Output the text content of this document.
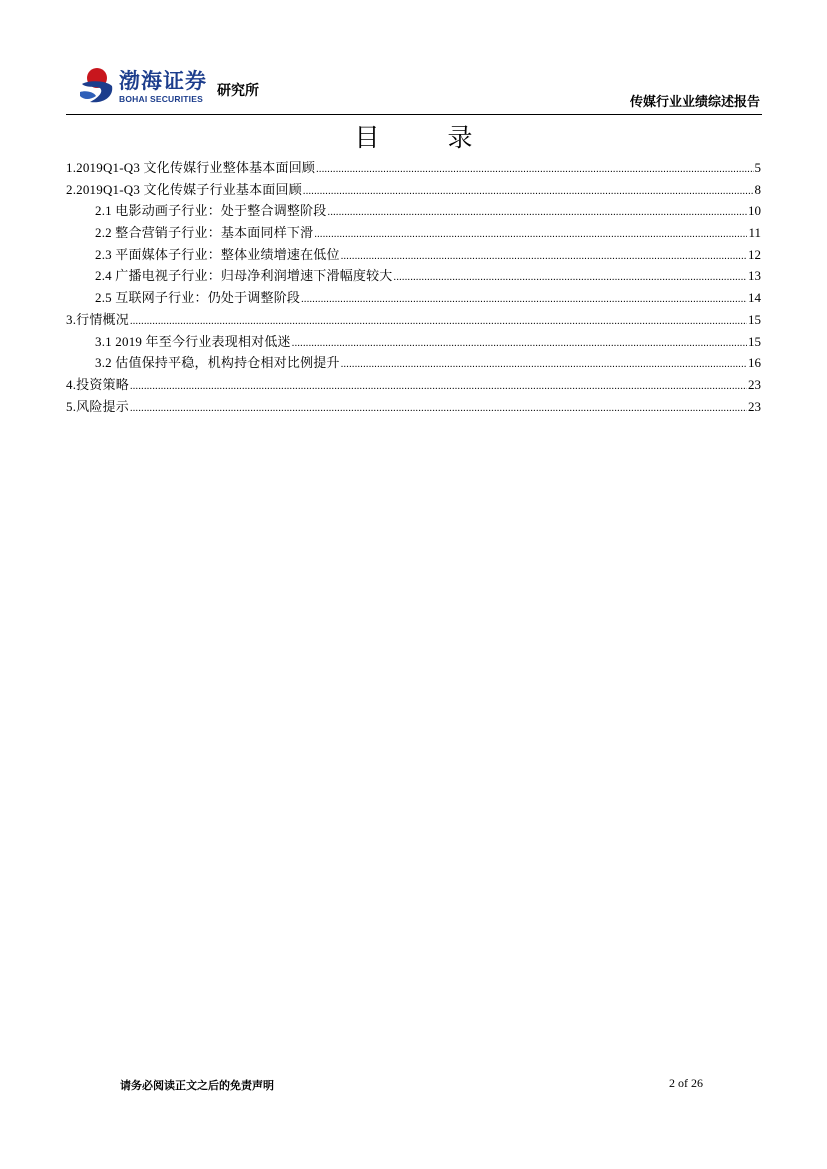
渤海证券
BOHAI SECURITIES 研究所
传媒行业业绩综述报告
目 录
1.2019Q1-Q3 文化传媒行业整体基本面回顾 .....	5
2.2019Q1-Q3 文化传媒子行业基本面回顾 .....	8
2.1 电影动画子行业：处于整合调整阶段 .....	10
2.2 整合营销子行业：基本面同样下滑 .....	11
2.3 平面媒体子行业：整体业绩增速在低位 .....	12
2.4 广播电视子行业：归母净利润增速下滑幅度较大 .....	13
2.5 互联网子行业：仍处于调整阶段 .....	14
3.行情概况 .....	15
3.1 2019 年至今行业表现相对低迷 .....	15
3.2 估值保持平稳，机构持仓相对比例提升 .....	16
4.投资策略 .....	23
5.风险提示 .....	23
请务必阅读正文之后的免责声明	2 of 26
